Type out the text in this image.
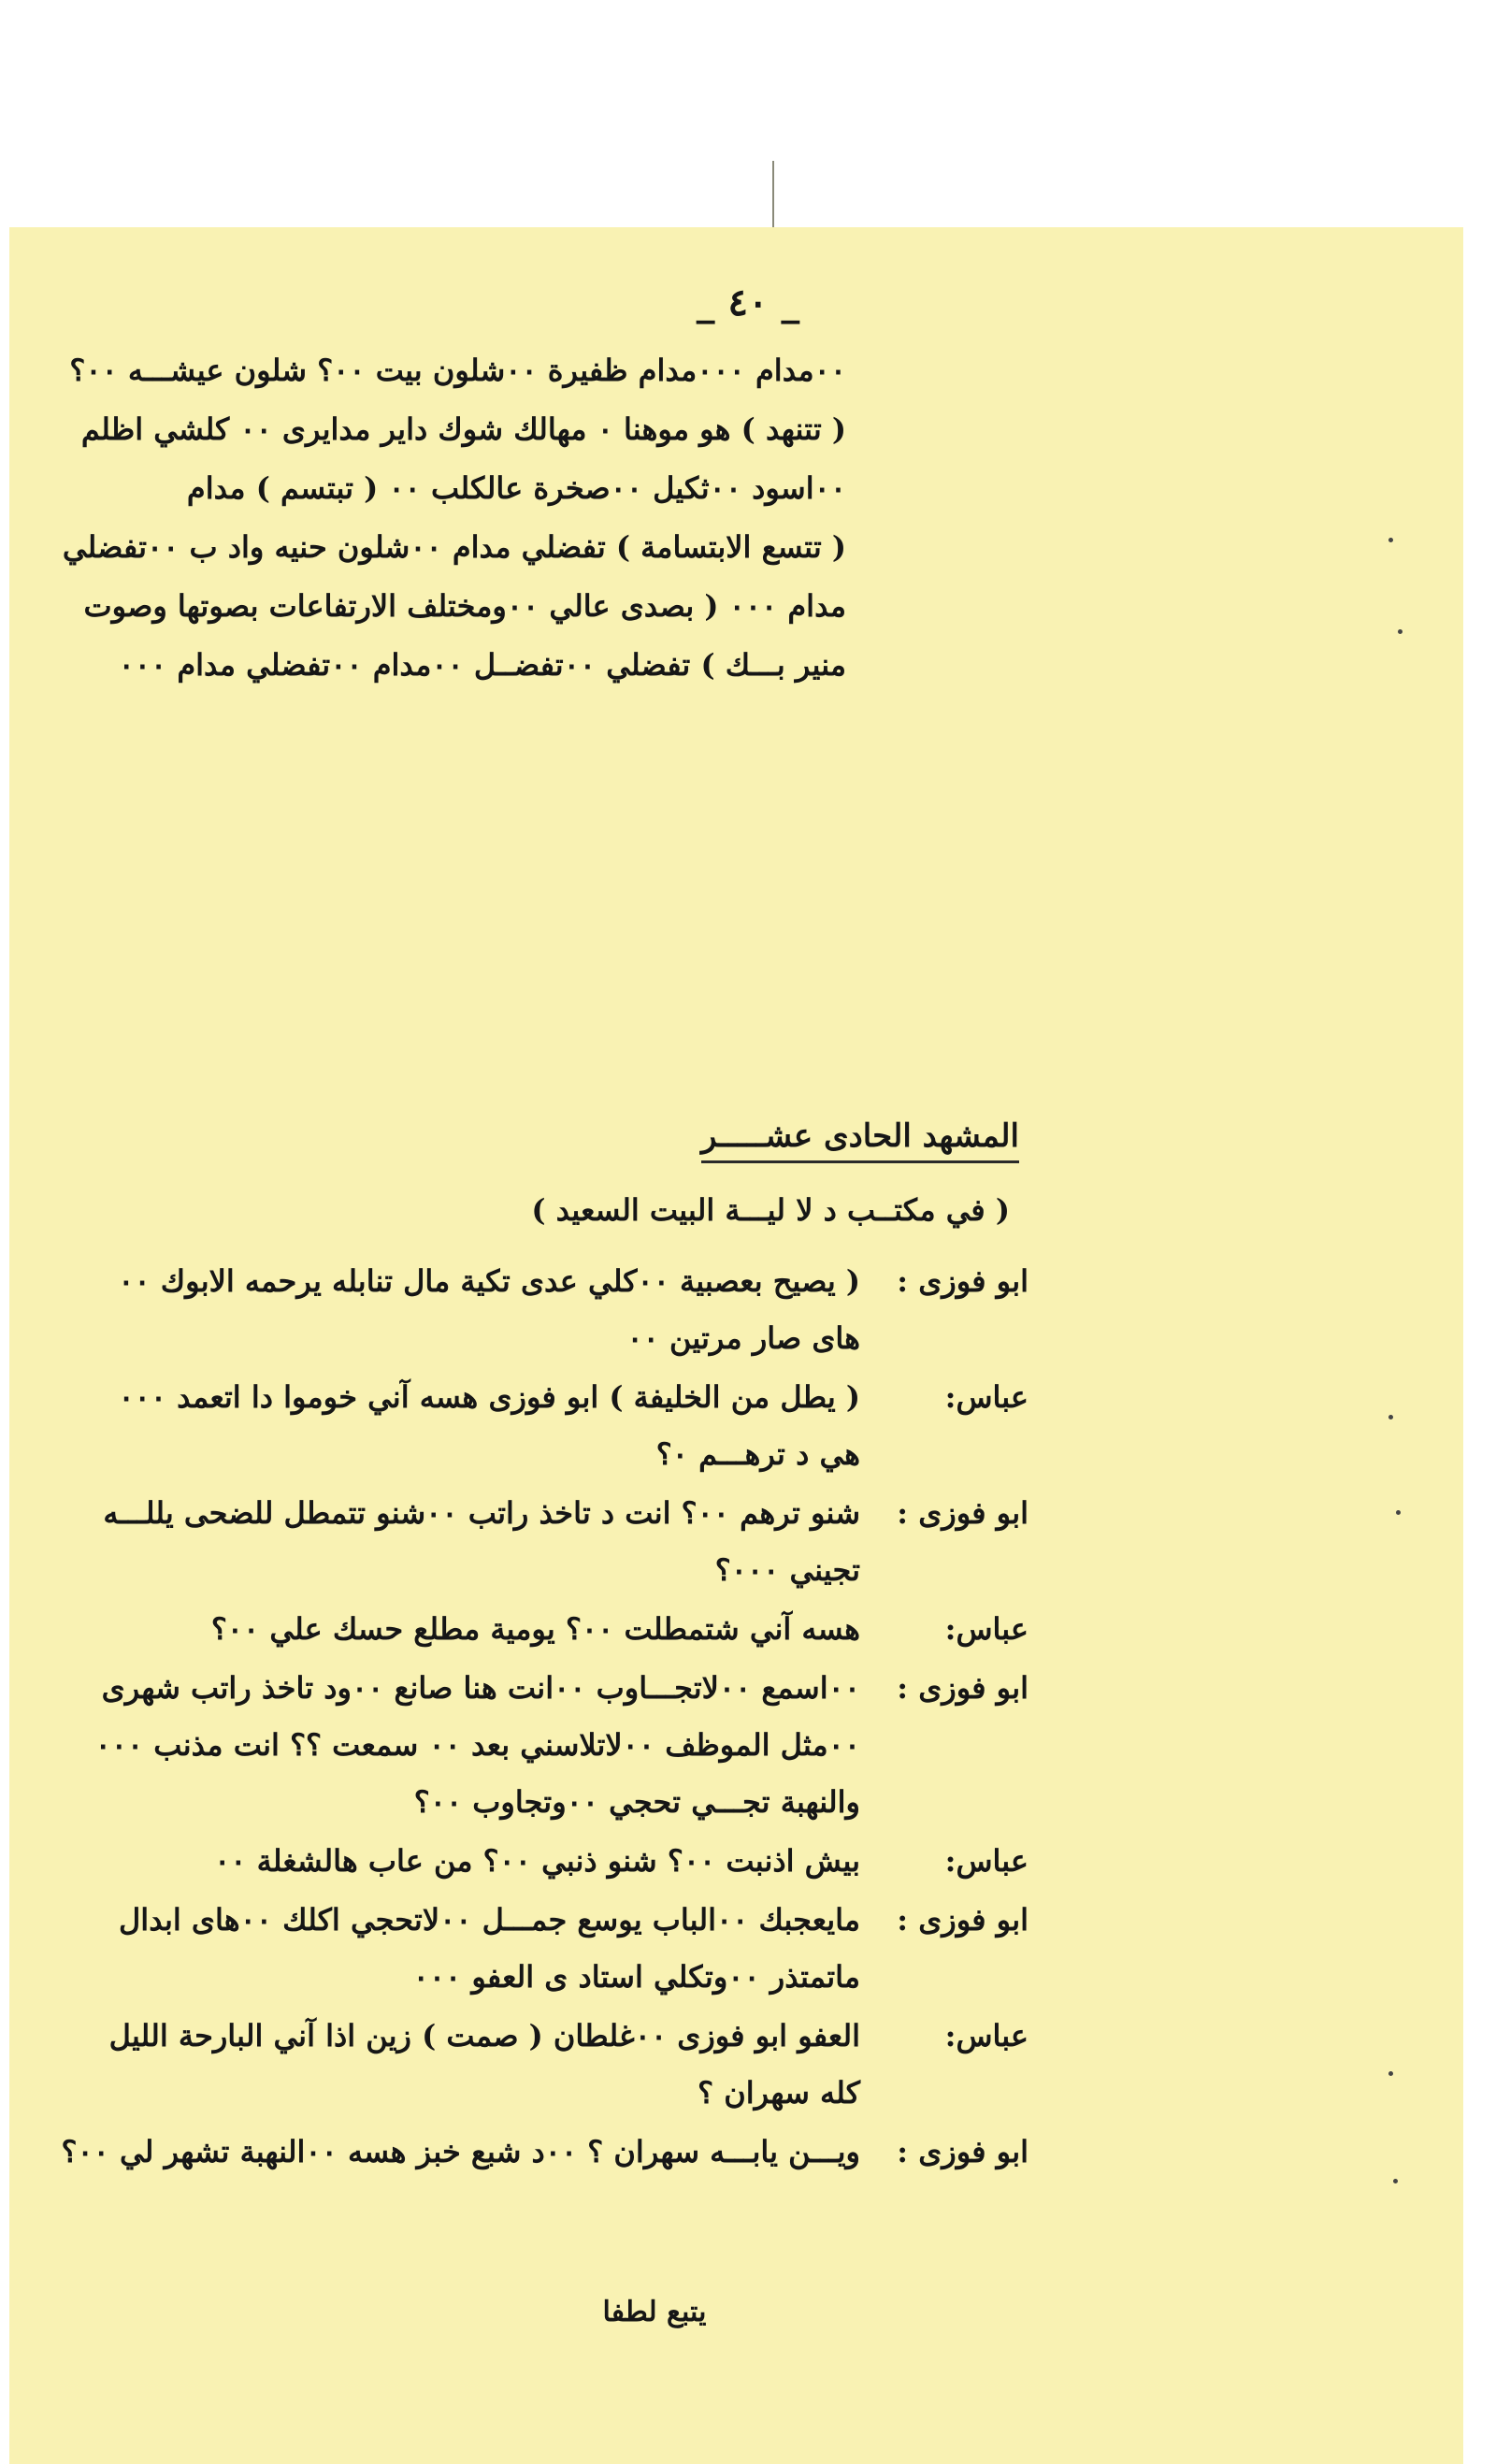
_ ٤٠ _
٠٠مدام ٠٠٠مدام ظفيرة ٠٠شلون بيت ٠٠؟ شلون عيشـــه ٠٠؟
( تتنهد ) هو موهنا ٠ مهالك شوك داير مدايرى ٠٠ كلشي اظلم
٠٠اسود ٠٠ثكيل ٠٠صخرة عالكلب ٠٠ ( تبتسم ) مدام
( تتسع الابتسامة ) تفضلي مدام ٠٠شلون حنيه واد ب ٠٠تفضلي
مدام ٠٠٠ ( بصدى عالي ٠٠ومختلف الارتفاعات بصوتها وصوت
منير بـــك ) تفضلي ٠٠تفضــل ٠٠مدام ٠٠تفضلي مدام ٠٠٠
المشهد الحادى عشـــــر
( في مكتــب د لا ليـــة البيت السعيد )
ابو فوزى :
( يصيح بعصبية ٠٠كلي عدى تكية مال تنابله يرحمه الابوك ٠٠
هاى صار مرتين ٠٠
عباس:
( يطل من الخليفة ) ابو فوزى هسه آني خوموا دا اتعمد ٠٠٠
هي د ترهـــم ٠؟
ابو فوزى :
شنو ترهم ٠٠؟ انت د تاخذ راتب ٠٠شنو تتمطل للضحى يللـــه
تجيني ٠٠٠؟
عباس:
هسه آني شتمطلت ٠٠؟ يومية مطلع حسك علي ٠٠؟
ابو فوزى :
٠٠اسمع ٠٠لاتجـــاوب ٠٠انت هنا صانع ٠٠ود تاخذ راتب شهرى
٠٠مثل الموظف ٠٠لاتلاسني بعد ٠٠ سمعت ؟؟ انت مذنب ٠٠٠
والنهبة تجـــي تحجي ٠٠وتجاوب ٠٠؟
عباس:
بيش اذنبت ٠٠؟ شنو ذنبي ٠٠؟ من عاب هالشغلة ٠٠
ابو فوزى :
مايعجبك ٠٠الباب يوسع جمـــل ٠٠لاتحجي اكلك ٠٠هاى ابدال
ماتمتذر ٠٠وتكلي استاد ى العفو ٠٠٠
عباس:
العفو ابو فوزى ٠٠غلطان ( صمت ) زين اذا آني البارحة الليل
كله سهران ؟
ابو فوزى :
ويـــن يابـــه سهران ؟ ٠٠د شبع خبز هسه ٠٠النهبة تشهر لي ٠٠؟
يتبع لطفا
